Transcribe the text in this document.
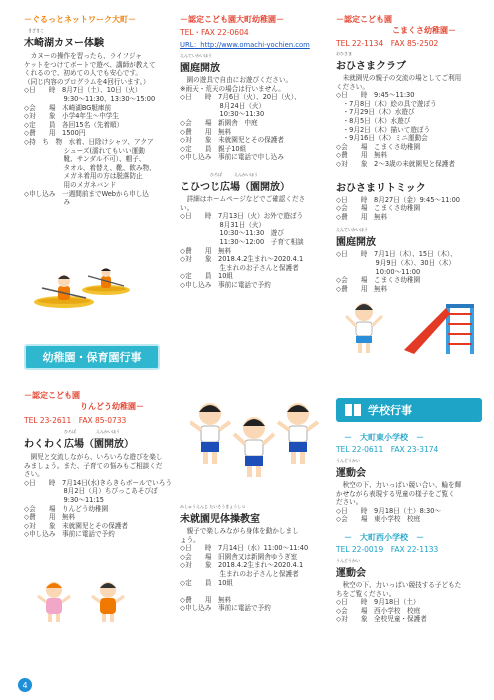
－ぐるっとネットワーク大町－
きざきこ
木崎湖カヌー体験
　カヌーの操作を習ったら、ライフジャ
ケットをつけてボートで遊べ、講師が教えて
くれるので、初めての人でも安心です。
（同じ内容のプログラムを4回行います。）
◇日　　時　8月7日（土）、10日（火）
　　　　　　9:30～11:30、13:30～15:00
◇会　　場　木崎湖BG艇庫前
◇対　　象　小学4年生～中学生
◇定　　員　各回15名（先着順）
◇費　　用　1500円
◇持　ち　物　水着、日除けシャツ、アクア
　　　　　　シューズ(濡れてもいい運動
　　　　　　靴、サンダル不可）、帽子、
　　　　　　タオル、着替え、靴、飲み物、
　　　　　　メガネ着用の方は脱落防止
　　　　　　用のメガネバンド
◇申し込み　一週間前までWebから申し込
　　　　　　み
幼稚園・保育園行事
－認定こども園
りんどう幼稚園－
TEL 23-2611　FAX 85-0733
ひろば　　　　　えんかいほう
わくわく広場（園開放）
　園児と交流しながら、いろいろな遊びを楽し
みましょう。また、子育ての悩みもご相談くだ
さい。
◇日　　時　7月14日(水)きらきらボールでいろう
　　　　　　8月2日（月）ちびっこあそびぼ
　　　　　　9:30～11:15
◇会　　場　りんどう幼稚園
◇費　　用　無料
◇対　　象　未就園児とその保護者
◇申し込み　事前に電話で予約
4
－認定こども園大町幼稚園－
TEL・FAX 22-0604
URL：http://www.omachi-yochien.com
えんていかいほう
園庭開放
　園の遊具で自由にお遊びください。
※雨天・荒天の場合は行いません。
◇日　　時　7月6日（火）、20日（火）、
　　　　　　8月24日（火）
　　　　　　10:30～11:30
◇会　　場　新園舎　中庭
◇費　　用　無料
◇対　　象　未就園児とその保護者
◇定　　員　親子10組
◇申し込み　事前に電話で申し込み
ひろば　　　えんかいほう
こひつじ広場（園開放）
　詳細はホームページなどでご確認くださ
い。
◇日　　時　7月13日（火）お外で遊ぼう
　　　　　　8月31日（火）
　　　　　　10:30～11:30　遊び
　　　　　　11:30～12:00　子育て相談
◇費　　用　無料
◇対　　象　2018.4.2生まれ～2020.4.1
　　　　　　生まれのお子さんと保護者
◇定　　員　10組
◇申し込み　事前に電話で予約
みしゅうえんじ たいそうきょうしつ
未就園児体操教室
　親子で楽しみながら身体を動かしまし
ょう。
◇日　　時　7月14日（水）11:00～11:40
◇会　　場　旧園舎又は新園舎ゆうぎ室
◇対　　象　2018.4.2生まれ～2020.4.1
　　　　　　生まれのお子さんと保護者
◇定　　員　10組

◇費　　用　無料
◇申し込み　事前に電話で予約
－認定こども園
こまくさ幼稚園－
TEL 22-1134　FAX 85-2502
おひさま
おひさまクラブ
　未就園児の親子の交流の場としてご利用
ください。
◇日　　時　9:45～11:30
　・7月8日（木）絵の具で遊ぼう
　・7月29日（木）水遊び
　・8月5日（木）水遊び
　・9月2日（木）描いて遊ぼう
　・9月16日（木）ミニ運動会
◇会　　場　こまくさ幼稚園
◇費　　用　無料
◇対　　象　2～3歳の未就園児と保護者
おひさまリトミック
◇日　　時　8月27日（金）9:45～11:00
◇会　　場　こまくさ幼稚園
◇費　　用　無料
えんていかいほう
園庭開放
◇日　　時　7月1日（木）、15日（木）、
　　　　　　9月9日（木）、30日（木）
　　　　　　10:00～11:00
◇会　　場　こまくさ幼稚園
◇費　　用　無料
学校行事
－　大町東小学校　－
TEL 22-0611　FAX 23-3174
うんどうかい
運動会
　秋空の下、力いっぱい競い合い、輪を輝
かせながら表現する児童の様子をご覧く
ださい。
◇日　　時　9月18日（土）8:30～
◇会　　場　東小学校　校庭
－　大町西小学校　－
TEL 22-0019　FAX 22-1133
うんどうかい
運動会
　秋空の下、力いっぱい競技する子どもた
ちをご覧ください。
◇日　　時　9月18日（土）
◇会　　場　西小学校　校庭
◇対　　象　全校児童・保護者
